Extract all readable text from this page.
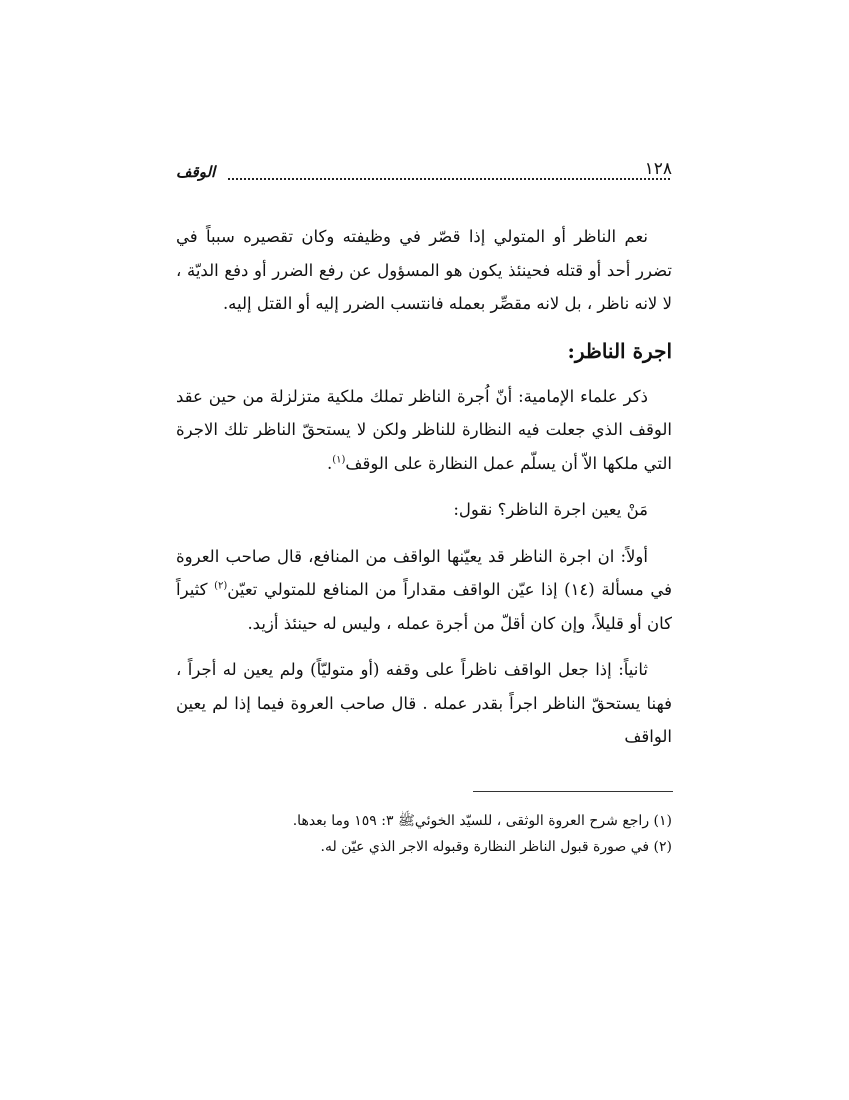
١٢٨
الوقف

نعم الناظر أو المتولي إذا قصّر في وظيفته وكان تقصيره سبباً في تضرر أحد أو قتله فحينئذ يكون هو المسؤول عن رفع الضرر أو دفع الديّة ، لا لانه ناظر ، بل لانه مقصِّر بعمله فانتسب الضرر إليه أو القتل إليه.

اجرة الناظر:

ذكر علماء الإمامية: أنّ اُجرة الناظر تملك ملكية متزلزلة من حين عقد الوقف الذي جعلت فيه النظارة للناظر ولكن لا يستحقّ الناظر تلك الاجرة التي ملكها الاّ أن يسلّم عمل النظارة على الوقف$^{(١)}$.

مَنْ يعين اجرة الناظر؟ نقول:

أولاً: ان اجرة الناظر قد يعيّنها الواقف من المنافع، قال صاحب العروة في مسألة (١٤) إذا عيّن الواقف مقداراً من المنافع للمتولي تعيّن$^{(٢)}$ كثيراً كان أو قليلاً، وإن كان أقلّ من أجرة عمله ، وليس له حينئذ أزيد.

ثانياً: إذا جعل الواقف ناظراً على وقفه (أو متوليّاً) ولم يعين له أجراً ، فهنا يستحقّ الناظر اجراً بقدر عمله . قال صاحب العروة فيما إذا لم يعين الواقف

(١) راجع شرح العروة الوثقى ، للسيّد الخوئيﷺ ٣: ١٥٩ وما بعدها.

(٢) في صورة قبول الناظر النظارة وقبوله الاجر الذي عيّن له.
